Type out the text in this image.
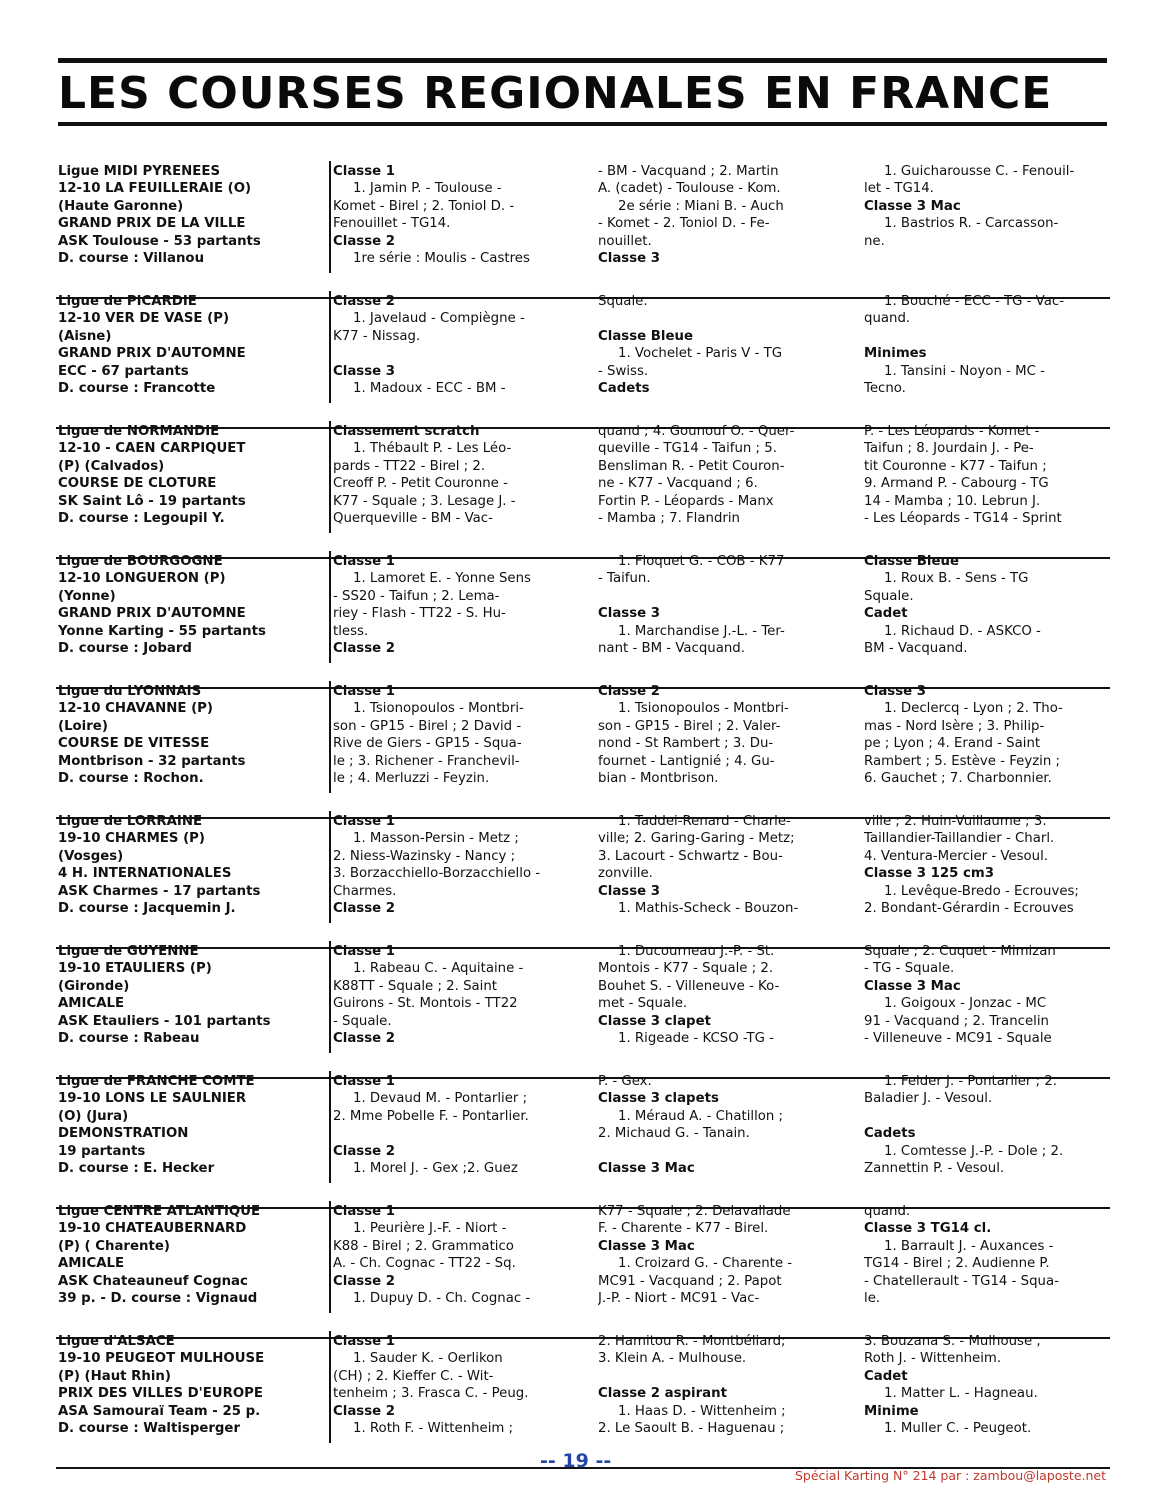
LES COURSES REGIONALES EN FRANCE
Ligue MIDI PYRENEES
12-10 LA FEUILLERAIE (O)
(Haute Garonne)
GRAND PRIX DE LA VILLE
ASK Toulouse - 53 partants
D. course : Villanou
Classe 1
1. Jamin P. - Toulouse -
Komet - Birel ; 2. Toniol D. -
Fenouillet - TG14.
Classe 2
1re série : Moulis - Castres
- BM - Vacquand ; 2. Martin
A. (cadet) - Toulouse - Kom.
2e série : Miani B. - Auch
- Komet - 2. Toniol D. - Fe-
nouillet.
Classe 3
1. Guicharousse C. - Fenouil-
let - TG14.
Classe 3 Mac
1. Bastrios R. - Carcasson-
ne.
Ligue de PICARDIE
12-10 VER DE VASE (P)
(Aisne)
GRAND PRIX D'AUTOMNE
ECC - 67 partants
D. course : Francotte
Classe 2
1. Javelaud - Compiègne -
K77 - Nissag.
Classe 3
1. Madoux - ECC - BM -
Squale.
Classe Bleue
1. Vochelet - Paris V - TG
- Swiss.
Cadets
1. Bouché - ECC - TG - Vac-
quand.
Minimes
1. Tansini - Noyon - MC -
Tecno.
Ligue de NORMANDIE
12-10 - CAEN CARPIQUET
(P) (Calvados)
COURSE DE CLOTURE
SK Saint Lô - 19 partants
D. course : Legoupil Y.
Classement scratch
1. Thébault P. - Les Léo-
pards - TT22 - Birel ; 2.
Creoff P. - Petit Couronne -
K77 - Squale ; 3. Lesage J. -
Querqueville - BM - Vac-
quand ; 4. Gounouf O. - Quer-
queville - TG14 - Taifun ; 5.
Bensliman R. - Petit Couron-
ne - K77 - Vacquand ; 6.
Fortin P. - Léopards - Manx
- Mamba ; 7. Flandrin
P. - Les Léopards - Komet -
Taifun ; 8. Jourdain J. - Pe-
tit Couronne - K77 - Taifun ;
9. Armand P. - Cabourg - TG
14 - Mamba ; 10. Lebrun J.
- Les Léopards - TG14 - Sprint
Ligue de BOURGOGNE
12-10 LONGUERON (P)
(Yonne)
GRAND PRIX D'AUTOMNE
Yonne Karting - 55 partants
D. course : Jobard
Classe 1
1. Lamoret E. - Yonne Sens
- SS20 - Taifun ; 2. Lema-
riey - Flash - TT22 - S. Hu-
tless.
Classe 2
1. Floquet G. - COB - K77
- Taifun.
Classe 3
1. Marchandise J.-L. - Ter-
nant - BM - Vacquand.
Classe Bleue
1. Roux B. - Sens - TG
Squale.
Cadet
1. Richaud D. - ASKCO -
BM - Vacquand.
Ligue du LYONNAIS
12-10 CHAVANNE (P)
(Loire)
COURSE DE VITESSE
Montbrison - 32 partants
D. course : Rochon.
Classe 1
1. Tsionopoulos - Montbri-
son - GP15 - Birel ; 2 David -
Rive de Giers - GP15 - Squa-
le ; 3. Richener - Franchevil-
le ; 4. Merluzzi - Feyzin.
Classe 2
1. Tsionopoulos - Montbri-
son - GP15 - Birel ; 2. Valer-
nond - St Rambert ; 3. Du-
fournet - Lantignié ; 4. Gu-
bian - Montbrison.
Classe 3
1. Declercq - Lyon ; 2. Tho-
mas - Nord Isère ; 3. Philip-
pe ; Lyon ; 4. Erand - Saint
Rambert ; 5. Estève - Feyzin ;
6. Gauchet ; 7. Charbonnier.
Ligue de LORRAINE
19-10 CHARMES (P)
(Vosges)
4 H. INTERNATIONALES
ASK Charmes - 17 partants
D. course : Jacquemin J.
Classe 1
1. Masson-Persin - Metz ;
2. Niess-Wazinsky - Nancy ;
3. Borzacchiello-Borzacchiello -
Charmes.
Classe 2
1. Taddei-Renard - Charle-
ville; 2. Garing-Garing - Metz;
3. Lacourt - Schwartz - Bou-
zonville.
Classe 3
1. Mathis-Scheck - Bouzon-
ville ; 2. Huin-Vuillaume ; 3.
Taillandier-Taillandier - Charl.
4. Ventura-Mercier - Vesoul.
Classe 3 125 cm3
1. Levêque-Bredo - Ecrouves;
2. Bondant-Gérardin - Ecrouves
Ligue de GUYENNE
19-10 ETAULIERS (P)
(Gironde)
AMICALE
ASK Etauliers - 101 partants
D. course : Rabeau
Classe 1
1. Rabeau C. - Aquitaine -
K88TT - Squale ; 2. Saint
Guirons - St. Montois - TT22
- Squale.
Classe 2
1. Ducourneau J.-P. - St.
Montois - K77 - Squale ; 2.
Bouhet S. - Villeneuve - Ko-
met - Squale.
Classe 3 clapet
1. Rigeade - KCSO -TG -
Squale ; 2. Cuquet - Mimizan
- TG - Squale.
Classe 3 Mac
1. Goigoux - Jonzac - MC
91 - Vacquand ; 2. Trancelin
- Villeneuve - MC91 - Squale
Ligue de FRANCHE COMTE
19-10 LONS LE SAULNIER
(O) (Jura)
DEMONSTRATION
19 partants
D. course : E. Hecker
Classe 1
1. Devaud M. - Pontarlier ;
2. Mme Pobelle F. - Pontarlier.
Classe 2
1. Morel J. - Gex ;2. Guez
P. - Gex.
Classe 3 clapets
1. Méraud A. - Chatillon ;
2. Michaud G. - Tanain.
Classe 3 Mac
1. Felder J. - Pontarlier ; 2.
Baladier J. - Vesoul.
Cadets
1. Comtesse J.-P. - Dole ; 2.
Zannettin P. - Vesoul.
Ligue CENTRE ATLANTIQUE
19-10 CHATEAUBERNARD
(P) ( Charente)
AMICALE
ASK Chateauneuf Cognac
39 p. - D. course : Vignaud
Classe 1
1. Peurière J.-F. - Niort -
K88 - Birel ; 2. Grammatico
A. - Ch. Cognac - TT22 - Sq.
Classe 2
1. Dupuy D. - Ch. Cognac -
K77 - Squale ; 2. Delavallade
F. - Charente - K77 - Birel.
Classe 3 Mac
1. Croizard G. - Charente -
MC91 - Vacquand ; 2. Papot
J.-P. - Niort - MC91 - Vac-
quand.
Classe 3 TG14 cl.
1. Barrault J. - Auxances -
TG14 - Birel ; 2. Audienne P.
- Chatellerault - TG14 - Squa-
le.
Ligue d'ALSACE
19-10 PEUGEOT MULHOUSE
(P) (Haut Rhin)
PRIX DES VILLES D'EUROPE
ASA Samouraï Team - 25 p.
D. course : Waltisperger
Classe 1
1. Sauder K. - Oerlikon
(CH) ; 2. Kieffer C. - Wit-
tenheim ; 3. Frasca C. - Peug.
Classe 2
1. Roth F. - Wittenheim ;
2. Hamitou R. - Montbéliard;
3. Klein A. - Mulhouse.
Classe 2 aspirant
1. Haas D. - Wittenheim ;
2. Le Saoult B. - Haguenau ;
3. Bouzana S. - Mulhouse ,
Roth J. - Wittenheim.
Cadet
1. Matter L. - Hagneau.
Minime
1. Muller C. - Peugeot.
-- 19 --
Spécial Karting N° 214 par : zambou@laposte.net
